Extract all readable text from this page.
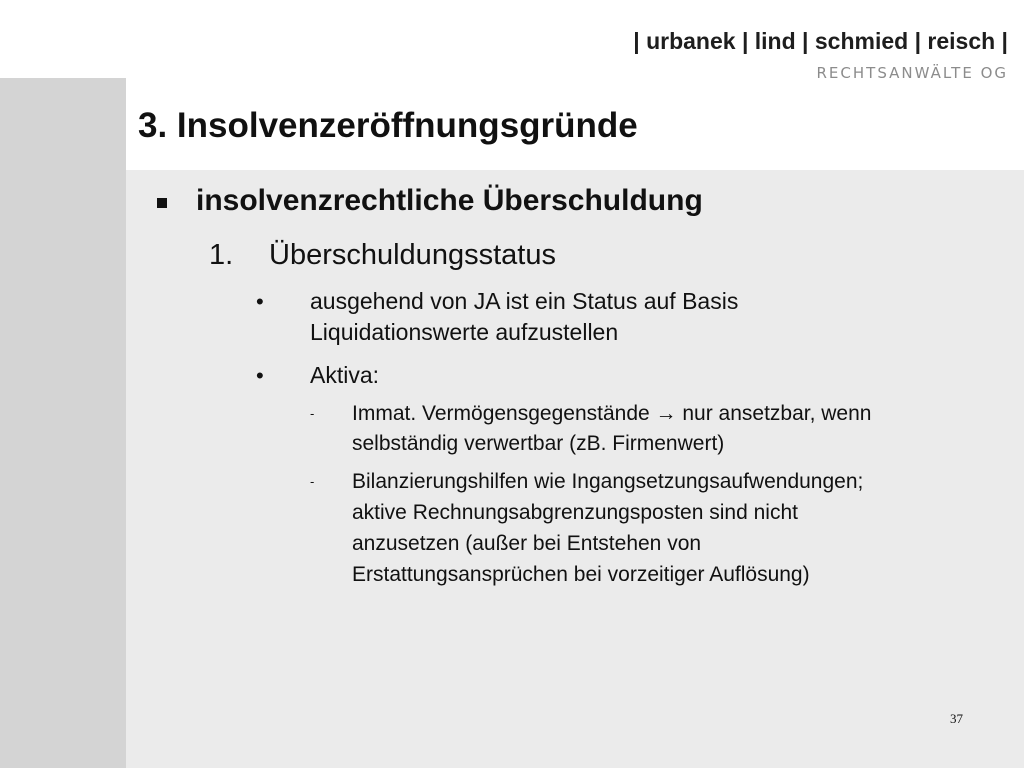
| urbanek | lind | schmied | reisch |
RECHTSANWÄLTE OG
3. Insolvenzeröffnungsgründe
insolvenzrechtliche Überschuldung
1. Überschuldungsstatus
• ausgehend von JA ist ein Status auf Basis
Liquidationswerte aufzustellen
• Aktiva:
- Immat. Vermögensgegenstände → nur ansetzbar, wenn
selbständig verwertbar (zB. Firmenwert)
- Bilanzierungshilfen wie Ingangsetzungsaufwendungen;
aktive Rechnungsabgrenzungsposten sind nicht
anzusetzen (außer bei Entstehen von
Erstattungsansprüchen bei vorzeitiger Auflösung)
37
